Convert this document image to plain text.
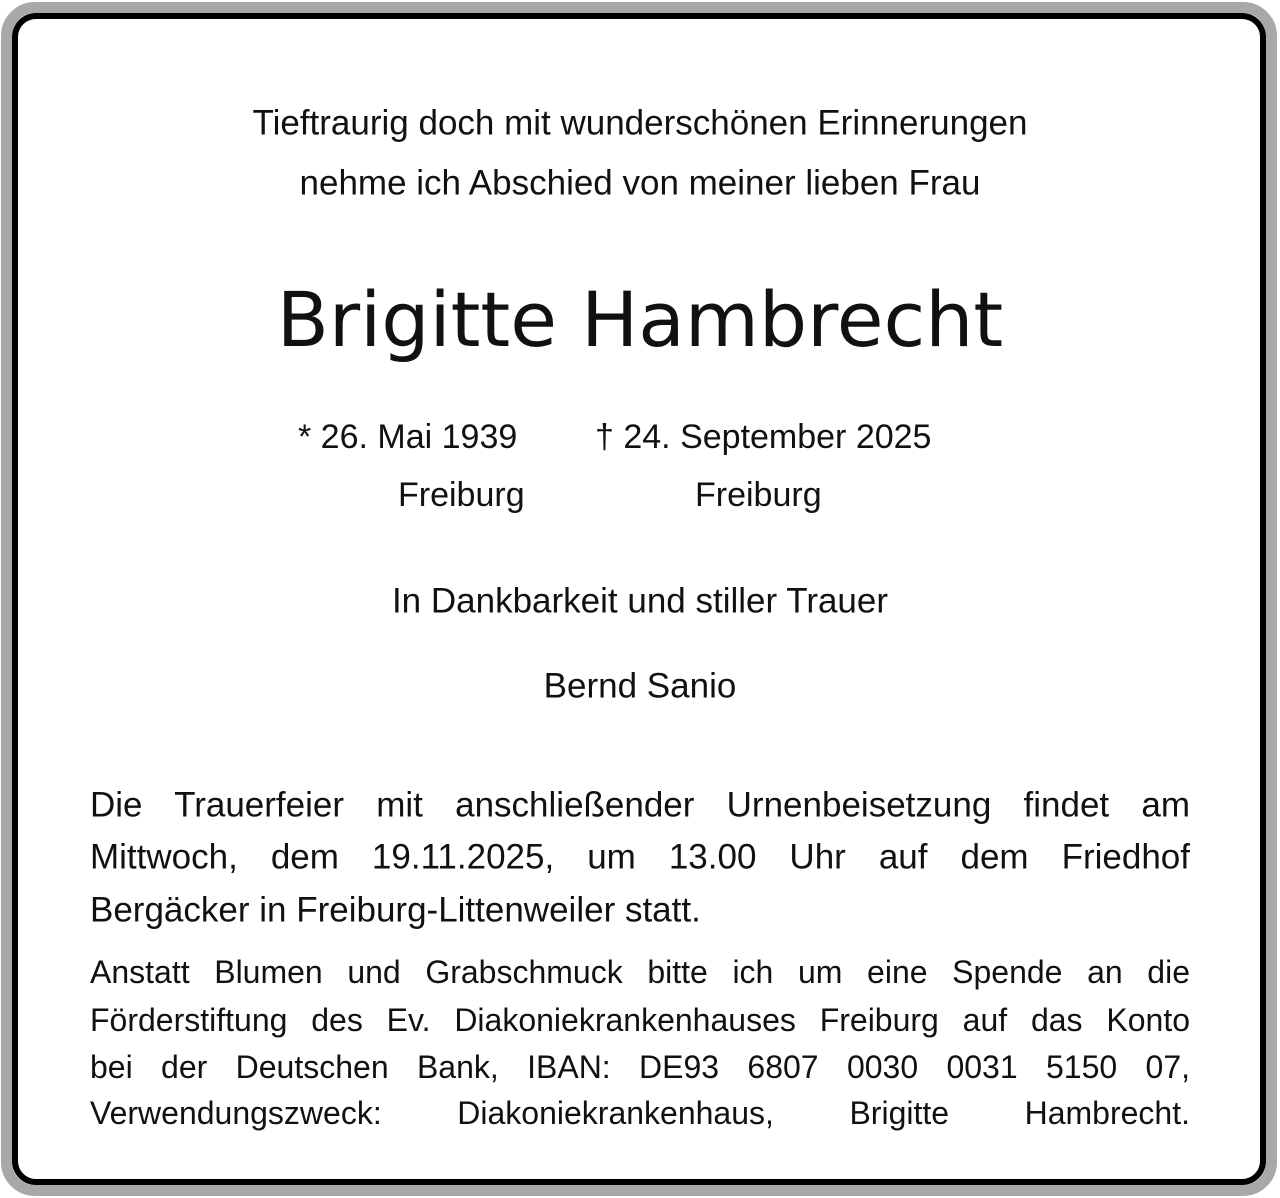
Tieftraurig doch mit wunderschönen Erinnerungen
nehme ich Abschied von meiner lieben Frau
Brigitte Hambrecht
* 26. Mai 1939 † 24. September 2025
Freiburg	Freiburg
In Dankbarkeit und stiller Trauer
Bernd Sanio
Die Trauerfeier mit anschließender Urnenbeisetzung findet am
Mittwoch, dem 19.11.2025, um 13.00 Uhr auf dem Friedhof
Bergäcker in Freiburg-Littenweiler statt.
Anstatt Blumen und Grabschmuck bitte ich um eine Spende an die
Förderstiftung des Ev. Diakoniekrankenhauses Freiburg auf das Konto
bei der Deutschen Bank, IBAN: DE93 6807 0030 0031 5150 07,
Verwendungszweck: Diakoniekrankenhaus, Brigitte Hambrecht.
